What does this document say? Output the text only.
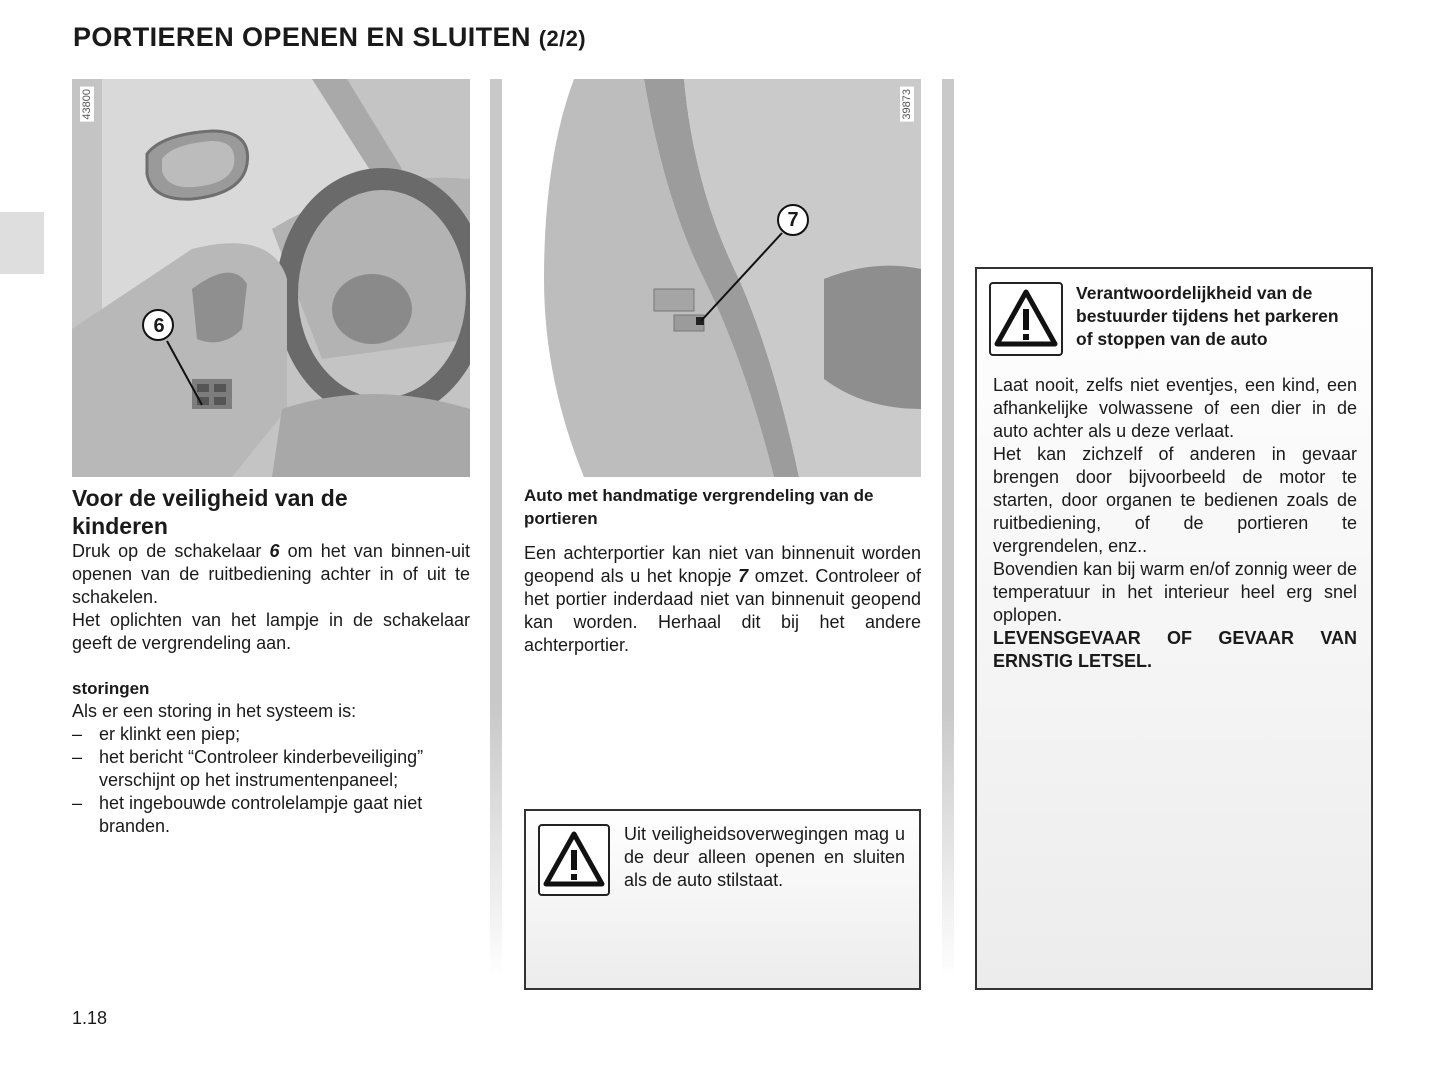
PORTIEREN OPENEN EN SLUITEN (2/2)
6
43800
7
39873
Voor de veiligheid van de
kinderen
Druk op de schakelaar 6 om het van binnen-uit openen van de ruitbediening achter in of uit te schakelen.
Het oplichten van het lampje in de schakelaar geeft de vergrendeling aan.
storingen
Als er een storing in het systeem is:
– er klinkt een piep;
– het bericht “Controleer kinderbeveiliging” verschijnt op het instrumentenpaneel;
– het ingebouwde controlelampje gaat niet branden.
Auto met handmatige vergrendeling van de portieren
Een achterportier kan niet van binnenuit worden geopend als u het knopje 7 omzet. Controleer of het portier inderdaad niet van binnenuit geopend kan worden. Herhaal dit bij het andere achterportier.
Uit veiligheidsoverwegingen mag u de deur alleen openen en sluiten als de auto stilstaat.
Verantwoordelijkheid van de bestuurder tijdens het parkeren of stoppen van de auto
Laat nooit, zelfs niet eventjes, een kind, een afhankelijke volwassene of een dier in de auto achter als u deze verlaat.
Het kan zichzelf of anderen in gevaar brengen door bijvoorbeeld de motor te starten, door organen te bedienen zoals de ruitbediening, of de portieren te vergrendelen, enz..
Bovendien kan bij warm en/of zonnig weer de temperatuur in het interieur heel erg snel oplopen.
LEVENSGEVAAR OF GEVAAR VAN ERNSTIG LETSEL.
1.18
